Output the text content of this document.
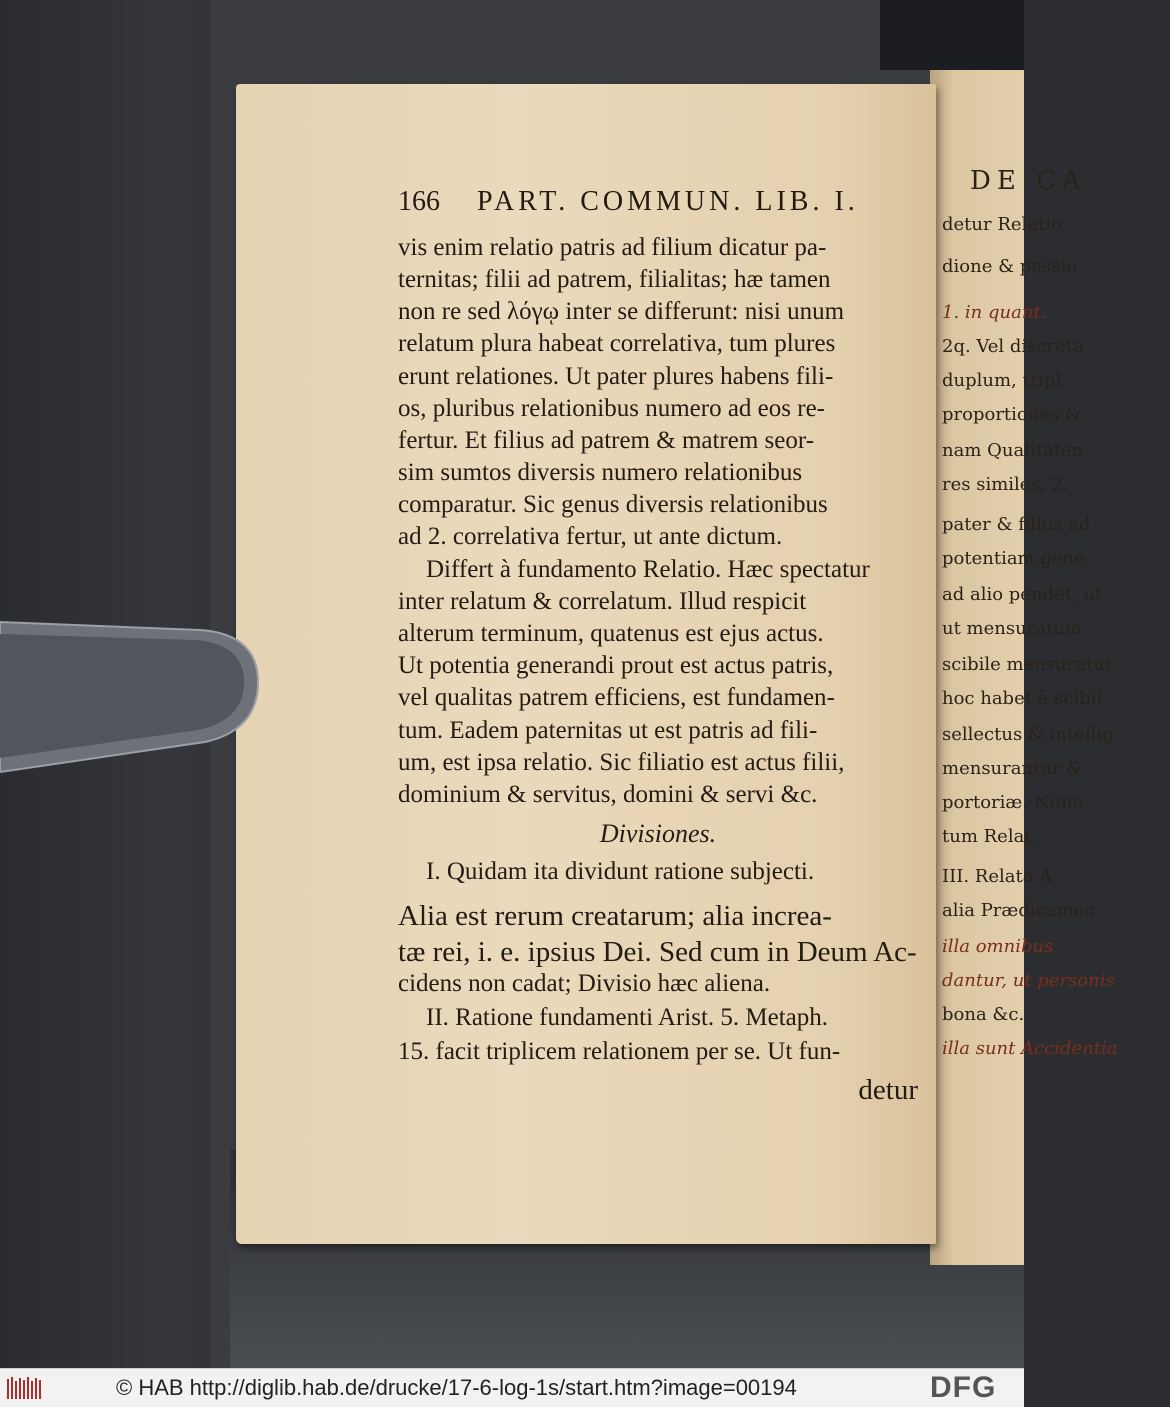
DE CA
detur Relatio
dione & passio
1. in quant.
2q. Vel discreta
duplum, tripl
proportiones &
nam Qualitaten
res similes, 2.
pater & filius ad
potentiam gene
ad alio pendet, ut
ut mensuratum
scibile mensuratur
hoc habet à scibil
sellectus & intellig
mensurantur &
portoriæ. Nunc
tum Relat.
III. Relata A
alia Prædicamen
illa omnibus
dantur, ut personis
bona &c.
illa sunt Accidentia
166 PART. COMMUN. LIB. I.
vis enim relatio patris ad filium dicatur pa-
ternitas; filii ad patrem, filialitas; hæ tamen
non re sed λόγῳ inter se differunt: nisi unum
relatum plura habeat correlativa, tum plures
erunt relationes. Ut pater plures habens fili-
os, pluribus relationibus numero ad eos re-
fertur. Et filius ad patrem & matrem seor-
sim sumtos diversis numero relationibus
comparatur. Sic genus diversis relationibus
ad 2. correlativa fertur, ut ante dictum.
Differt à fundamento Relatio. Hæc spectatur
inter relatum & correlatum. Illud respicit
alterum terminum, quatenus est ejus actus.
Ut potentia generandi prout est actus patris,
vel qualitas patrem efficiens, est fundamen-
tum. Eadem paternitas ut est patris ad fili-
um, est ipsa relatio. Sic filiatio est actus filii,
dominium & servitus, domini & servi &c.
Divisiones.
I. Quidam ita dividunt ratione subjecti.
Alia est rerum creatarum; alia increa-
tæ rei, i. e. ipsius Dei. Sed cum in Deum Ac-
cidens non cadat; Divisio hæc aliena.
II. Ratione fundamenti Arist. 5. Metaph.
15. facit triplicem relationem per se. Ut fun-
detur
© HAB http://diglib.hab.de/drucke/17-6-log-1s/start.htm?image=00194	DFG
